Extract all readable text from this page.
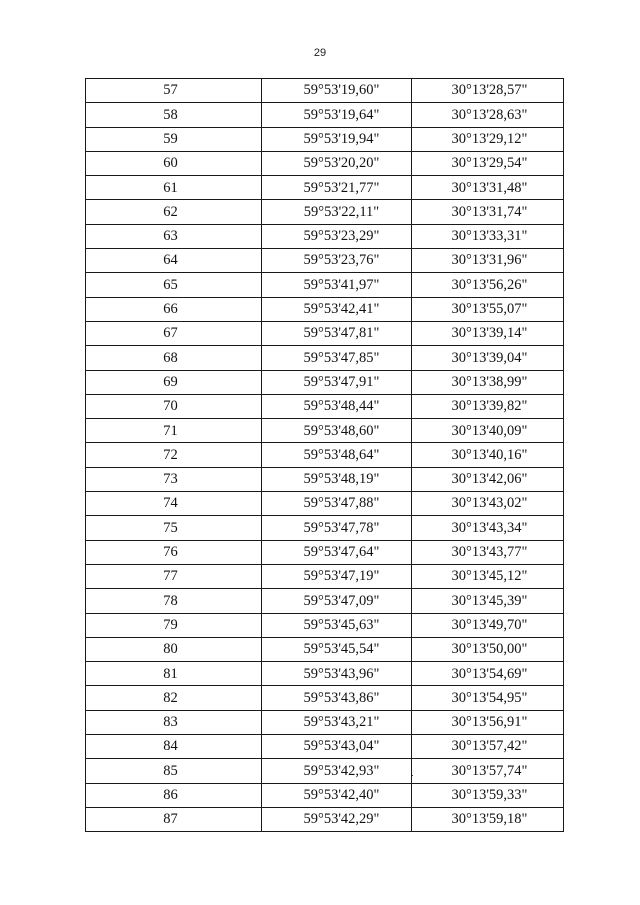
29
57	59°53'19,60"	30°13'28,57"
58	59°53'19,64"	30°13'28,63"
59	59°53'19,94"	30°13'29,12"
60	59°53'20,20"	30°13'29,54"
61	59°53'21,77"	30°13'31,48"
62	59°53'22,11"	30°13'31,74"
63	59°53'23,29"	30°13'33,31"
64	59°53'23,76"	30°13'31,96"
65	59°53'41,97"	30°13'56,26"
66	59°53'42,41"	30°13'55,07"
67	59°53'47,81"	30°13'39,14"
68	59°53'47,85"	30°13'39,04"
69	59°53'47,91"	30°13'38,99"
70	59°53'48,44"	30°13'39,82"
71	59°53'48,60"	30°13'40,09"
72	59°53'48,64"	30°13'40,16"
73	59°53'48,19"	30°13'42,06"
74	59°53'47,88"	30°13'43,02"
75	59°53'47,78"	30°13'43,34"
76	59°53'47,64"	30°13'43,77"
77	59°53'47,19"	30°13'45,12"
78	59°53'47,09"	30°13'45,39"
79	59°53'45,63"	30°13'49,70"
80	59°53'45,54"	30°13'50,00"
81	59°53'43,96"	30°13'54,69"
82	59°53'43,86"	30°13'54,95"
83	59°53'43,21"	30°13'56,91"
84	59°53'43,04"	30°13'57,42"
85	59°53'42,93"	30°13'57,74"
86	59°53'42,40"	30°13'59,33"
87	59°53'42,29"	30°13'59,18"
